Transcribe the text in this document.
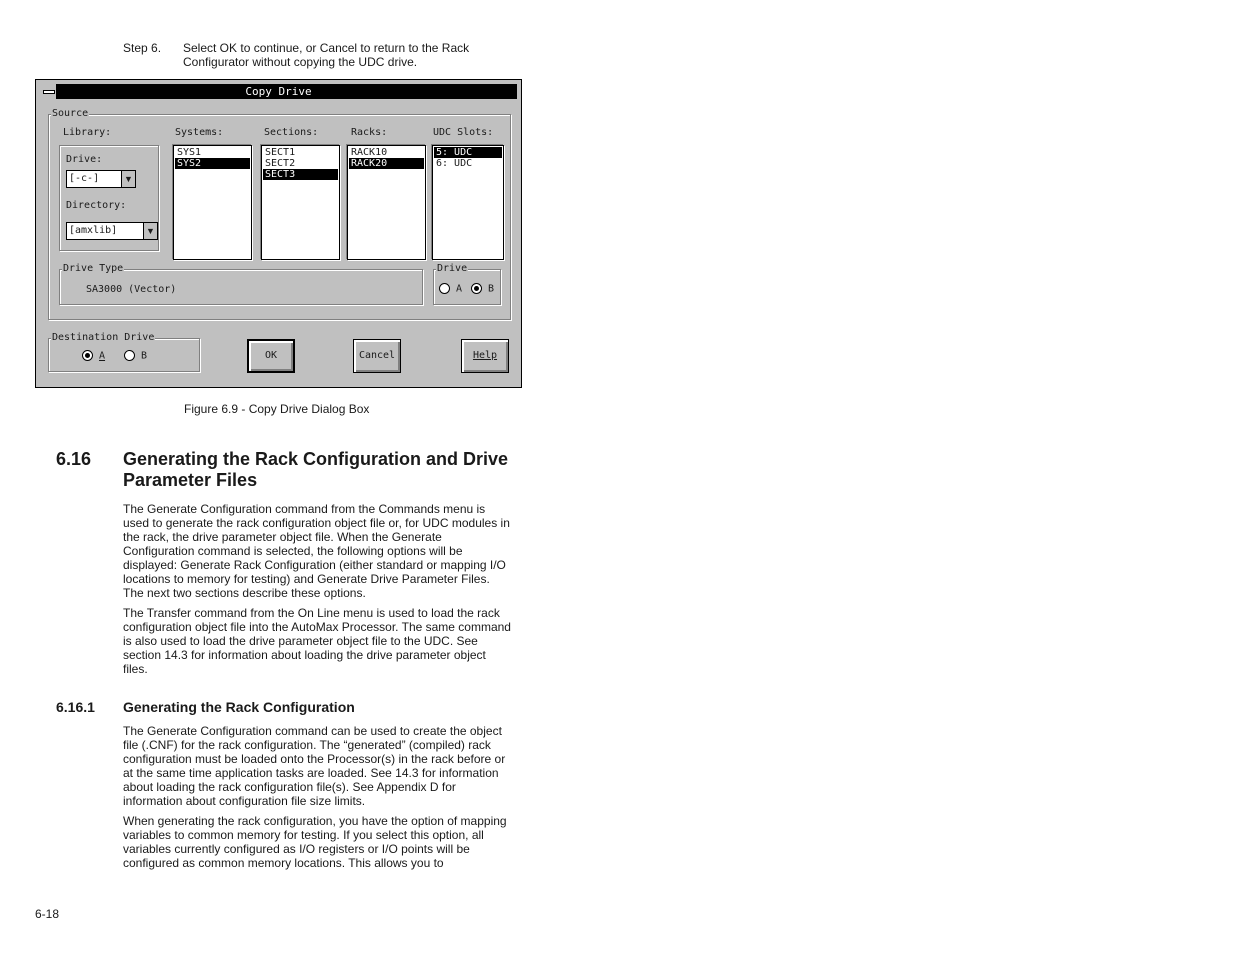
Step 6. Select OK to continue, or Cancel to return to the Rack Configurator without copying the UDC drive.
Copy Drive
Source
Library:	Systems:	Sections:	Racks:	UDC Slots:
Drive:
[-c-]	▼
Directory:
[amxlib]	▼
SYS1
SYS2
SECT1
SECT2
SECT3
RACK10
RACK20
5: UDC
6: UDC
Drive Type
SA3000 (Vector)
Drive
A	B
Destination Drive
A	B	OK	Cancel	Help
Figure 6.9 - Copy Drive Dialog Box
6.16 Generating the Rack Configuration and Drive Parameter Files
The Generate Configuration command from the Commands menu is used to generate the rack configuration object file or, for UDC modules in the rack, the drive parameter object file. When the Generate Configuration command is selected, the following options will be displayed: Generate Rack Configuration (either standard or mapping I/O locations to memory for testing) and Generate Drive Parameter Files. The next two sections describe these options.
The Transfer command from the On Line menu is used to load the rack configuration object file into the AutoMax Processor. The same command is also used to load the drive parameter object file to the UDC. See section 14.3 for information about loading the drive parameter object files.
6.16.1 Generating the Rack Configuration
The Generate Configuration command can be used to create the object file (.CNF) for the rack configuration. The “generated” (compiled) rack configuration must be loaded onto the Processor(s) in the rack before or at the same time application tasks are loaded. See 14.3 for information about loading the rack configuration file(s). See Appendix D for information about configuration file size limits.
When generating the rack configuration, you have the option of mapping variables to common memory for testing. If you select this option, all variables currently configured as I/O registers or I/O points will be configured as common memory locations. This allows you to
6-18
